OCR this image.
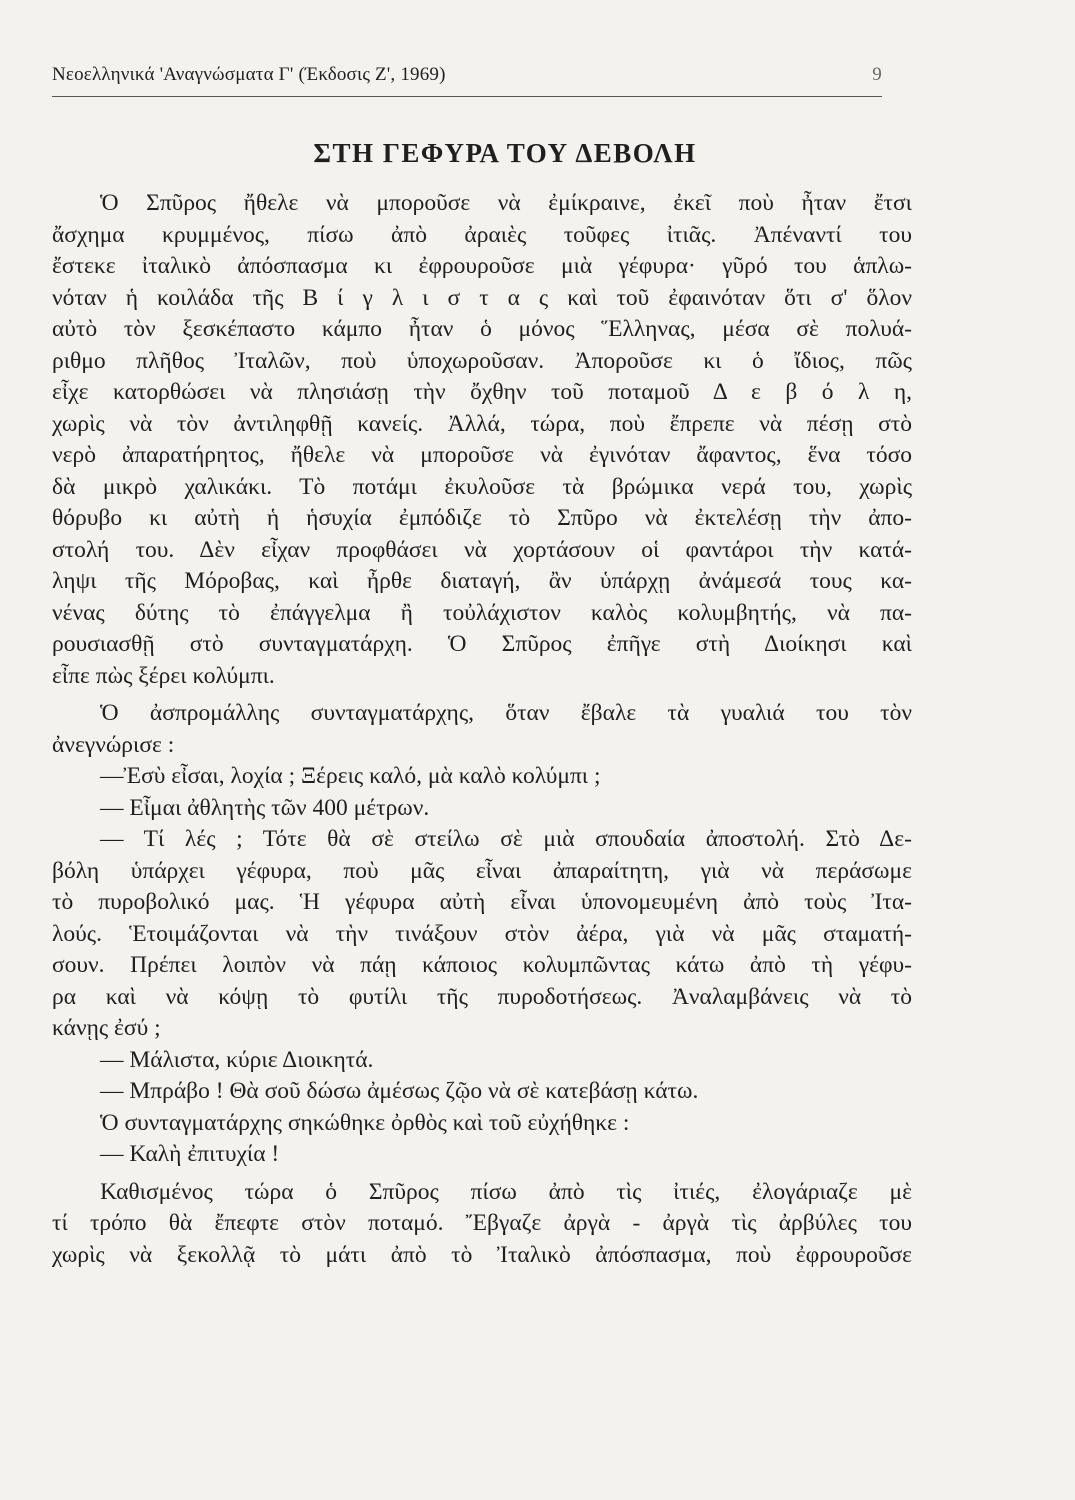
Νεοελληνικά 'Αναγνώσματα Γ' (Έκδοσις Ζ', 1969)	9
ΣΤΗ ΓΕΦΥΡΑ ΤΟΥ ΔΕΒΟΛΗ
Ὁ Σπῦρος ἤθελε νὰ μποροῦσε νὰ ἐμίκραινε, ἐκεῖ ποὺ ἦταν ἔτσι
ἄσχημα κρυμμένος, πίσω ἀπὸ ἀραιὲς τοῦφες ἰτιᾶς. Ἀπέναντί του
ἔστεκε ἰταλικὸ ἀπόσπασμα κι ἐφρουροῦσε μιὰ γέφυρα· γῦρό του ἁπλω-
νόταν ἡ κοιλάδα τῆς Β ί γ λ ι σ τ α ς καὶ τοῦ ἐφαινόταν ὅτι σ' ὅλον
αὐτὸ τὸν ξεσκέπαστο κάμπο ἦταν ὁ μόνος Ἕλληνας, μέσα σὲ πολυά-
ριθμο πλῆθος Ἰταλῶν, ποὺ ὑποχωροῦσαν. Ἀποροῦσε κι ὁ ἴδιος, πῶς
εἶχε κατορθώσει νὰ πλησιάσῃ τὴν ὄχθην τοῦ ποταμοῦ Δ ε β ό λ η,
χωρὶς νὰ τὸν ἀντιληφθῇ κανείς. Ἀλλά, τώρα, ποὺ ἔπρεπε νὰ πέσῃ στὸ
νερὸ ἀπαρατήρητος, ἤθελε νὰ μποροῦσε νὰ ἐγινόταν ἄφαντος, ἕνα τόσο
δὰ μικρὸ χαλικάκι. Τὸ ποτάμι ἐκυλοῦσε τὰ βρώμικα νερά του, χωρὶς
θόρυβο κι αὐτὴ ἡ ἡσυχία ἐμπόδιζε τὸ Σπῦρο νὰ ἐκτελέσῃ τὴν ἀπο-
στολή του. Δὲν εἶχαν προφθάσει νὰ χορτάσουν οἱ φαντάροι τὴν κατά-
ληψι τῆς Μόροβας, καὶ ἦρθε διαταγή, ἂν ὑπάρχῃ ἀνάμεσά τους κα-
νένας δύτης τὸ ἐπάγγελμα ἢ τοὐλάχιστον καλὸς κολυμβητής, νὰ πα-
ρουσιασθῇ στὸ συνταγματάρχη. Ὁ Σπῦρος ἐπῆγε στὴ Διοίκησι καὶ
εἶπε πὼς ξέρει κολύμπι.
Ὁ ἀσπρομάλλης συνταγματάρχης, ὅταν ἔβαλε τὰ γυαλιά του τὸν
ἀνεγνώρισε :
—Ἐσὺ εἶσαι, λοχία ; Ξέρεις καλό, μὰ καλὸ κολύμπι ;
— Εἶμαι ἀθλητὴς τῶν 400 μέτρων.
— Τί λές ; Τότε θὰ σὲ στείλω σὲ μιὰ σπουδαία ἀποστολή. Στὸ Δε-
βόλη ὑπάρχει γέφυρα, ποὺ μᾶς εἶναι ἀπαραίτητη, γιὰ νὰ περάσωμε
τὸ πυροβολικό μας. Ἡ γέφυρα αὐτὴ εἶναι ὑπονομευμένη ἀπὸ τοὺς Ἰτα-
λούς. Ἑτοιμάζονται νὰ τὴν τινάξουν στὸν ἀέρα, γιὰ νὰ μᾶς σταματή-
σουν. Πρέπει λοιπὸν νὰ πάῃ κάποιος κολυμπῶντας κάτω ἀπὸ τὴ γέφυ-
ρα καὶ νὰ κόψῃ τὸ φυτίλι τῆς πυροδοτήσεως. Ἀναλαμβάνεις νὰ τὸ
κάνῃς ἐσύ ;
— Μάλιστα, κύριε Διοικητά.
— Μπράβο ! Θὰ σοῦ δώσω ἀμέσως ζῷο νὰ σὲ κατεβάσῃ κάτω.
Ὁ συνταγματάρχης σηκώθηκε ὀρθὸς καὶ τοῦ εὐχήθηκε :
— Καλὴ ἐπιτυχία !
Καθισμένος τώρα ὁ Σπῦρος πίσω ἀπὸ τὶς ἰτιές, ἐλογάριαζε μὲ
τί τρόπο θὰ ἔπεφτε στὸν ποταμό. Ἔβγαζε ἀργὰ - ἀργὰ τὶς ἀρβύλες του
χωρὶς νὰ ξεκολλᾷ τὸ μάτι ἀπὸ τὸ Ἰταλικὸ ἀπόσπασμα, ποὺ ἐφρουροῦσε
